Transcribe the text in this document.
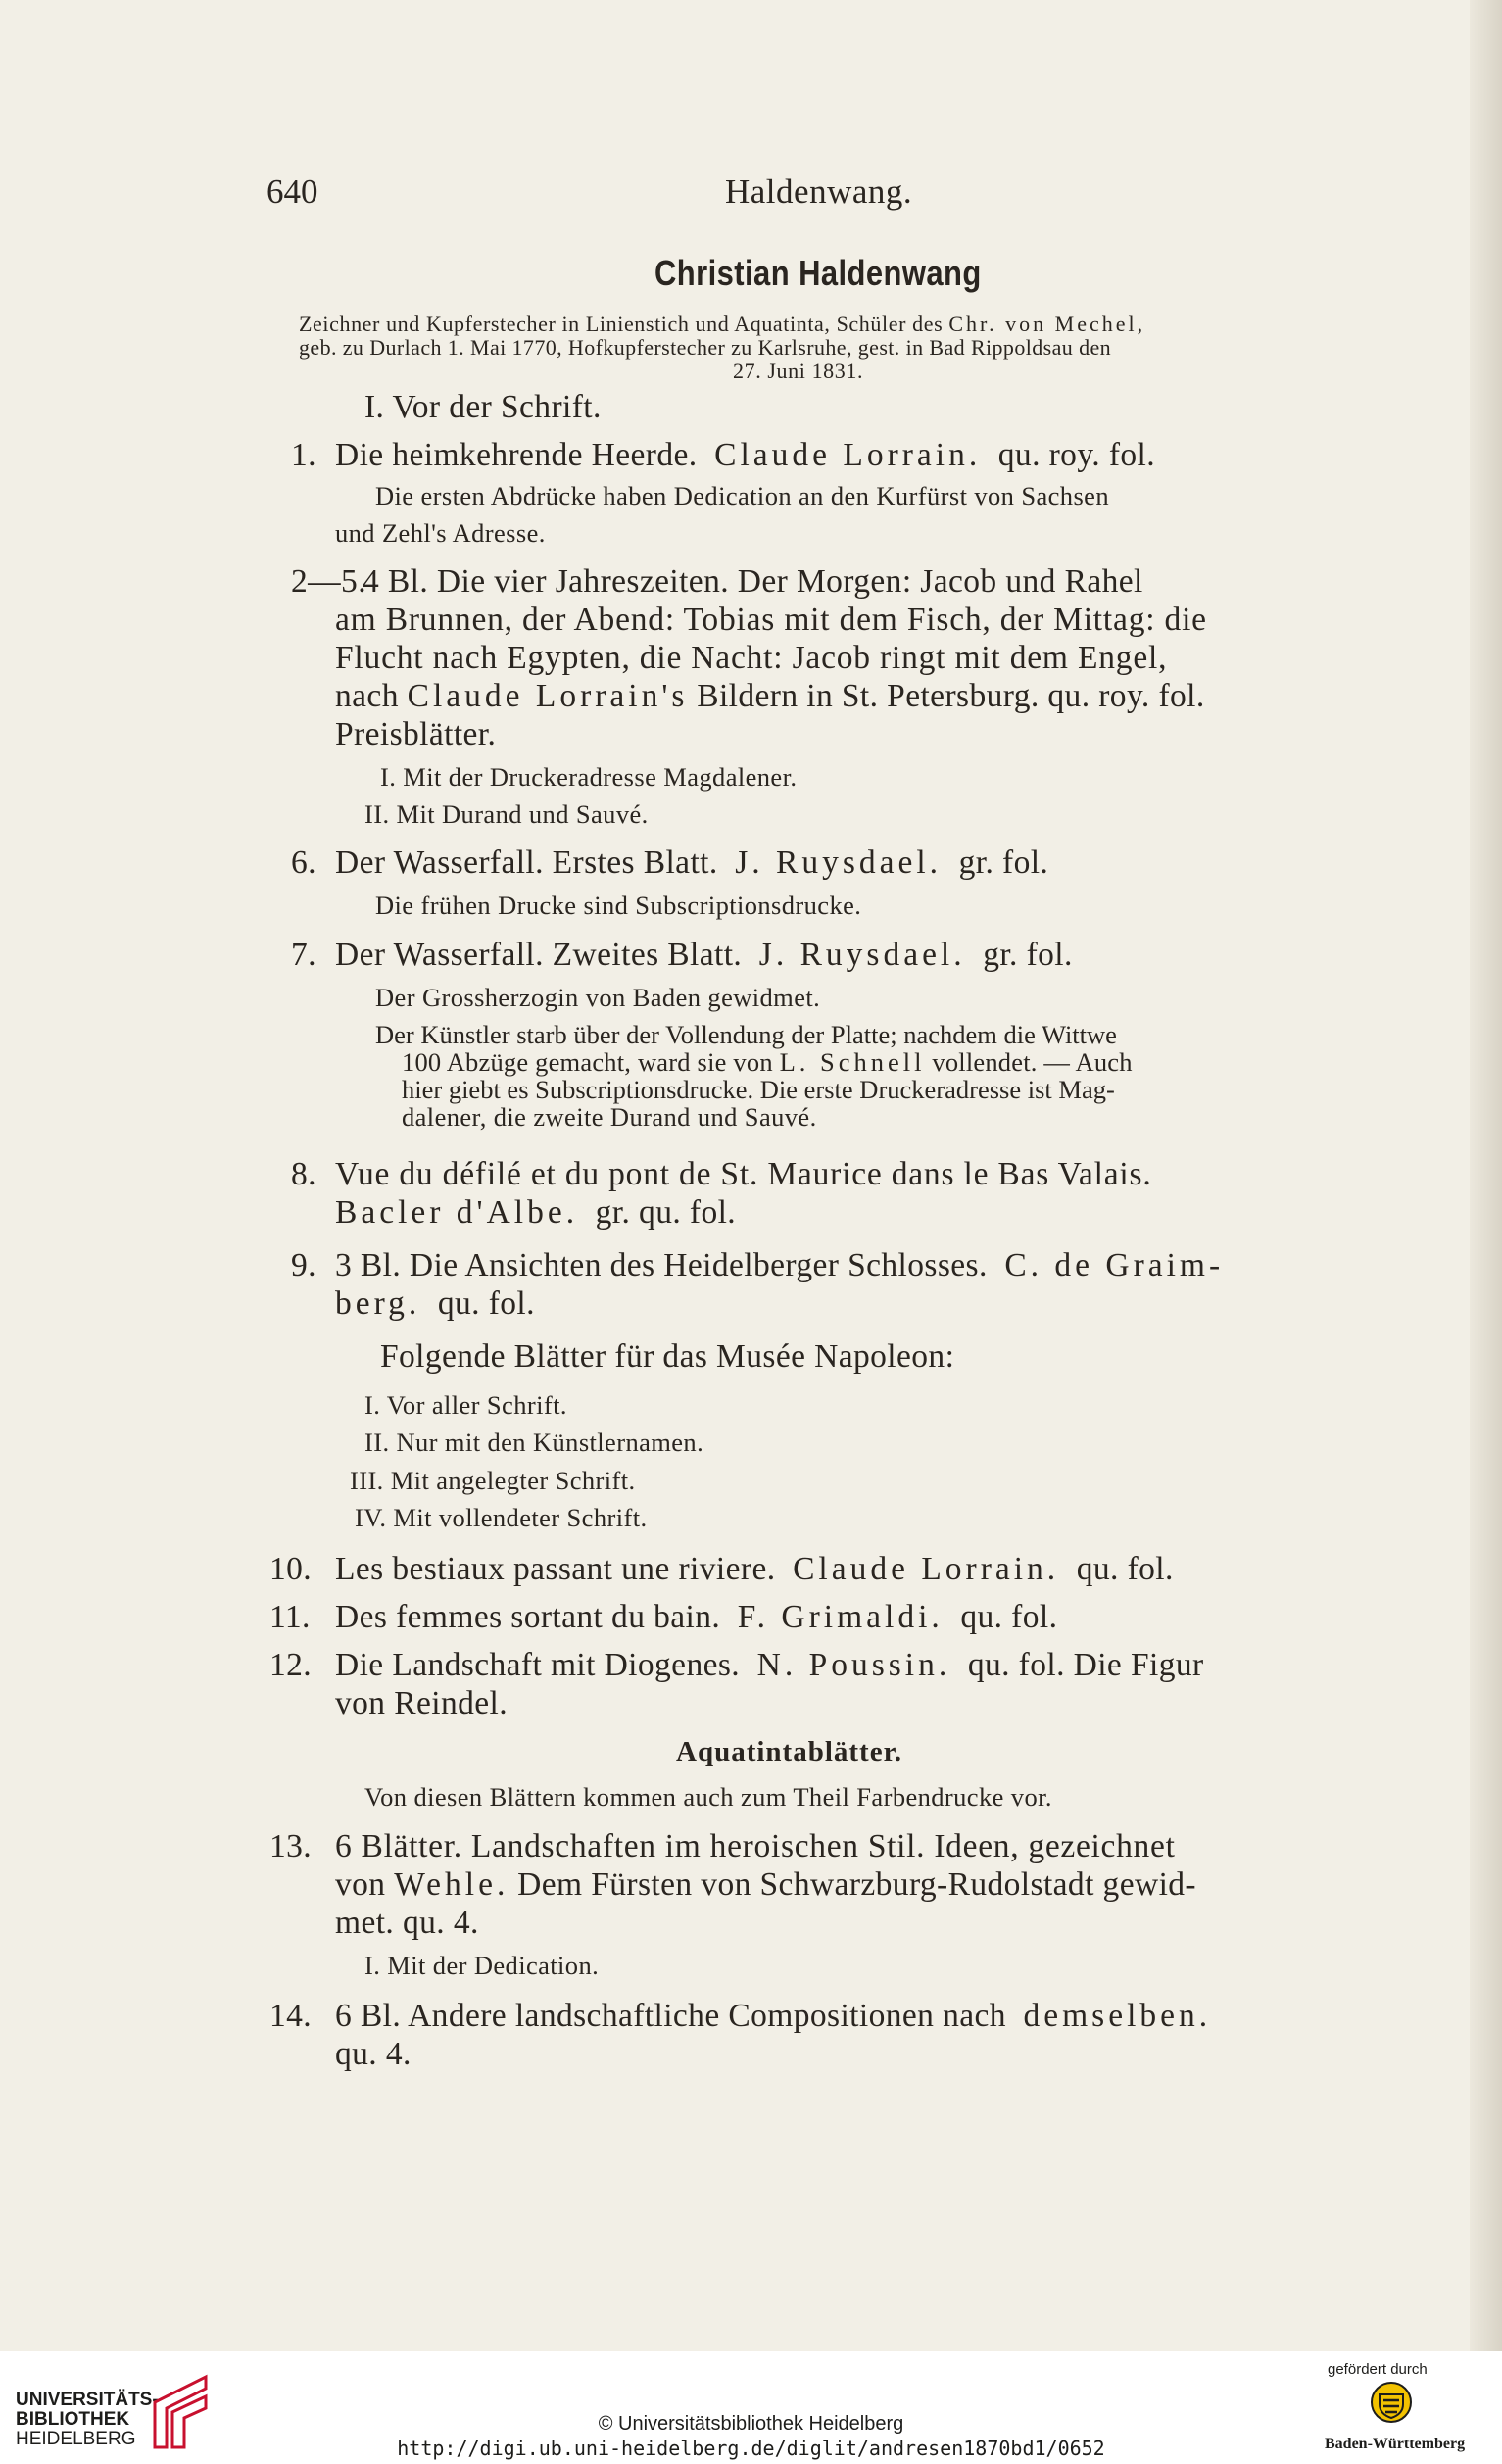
640	Haldenwang.
Christian Haldenwang
Zeichner und Kupferstecher in Linienstich und Aquatinta, Schüler des Chr. von Mechel,
geb. zu Durlach 1. Mai 1770, Hofkupferstecher zu Karlsruhe, gest. in Bad Rippoldsau den
27. Juni 1831.
I. Vor der Schrift.
1. Die heimkehrende Heerde. Claude Lorrain. qu. roy. fol.
Die ersten Abdrücke haben Dedication an den Kurfürst von Sachsen
und Zehl's Adresse.
2—5.
4 Bl. Die vier Jahreszeiten. Der Morgen: Jacob und Rahel
am Brunnen, der Abend: Tobias mit dem Fisch, der Mittag: die
Flucht nach Egypten, die Nacht: Jacob ringt mit dem Engel,
nach Claude Lorrain's Bildern in St. Petersburg. qu. roy. fol.
Preisblätter.
I. Mit der Druckeradresse Magdalener.
II. Mit Durand und Sauvé.
6. Der Wasserfall. Erstes Blatt. J. Ruysdael. gr. fol.
Die frühen Drucke sind Subscriptionsdrucke.
7. Der Wasserfall. Zweites Blatt. J. Ruysdael. gr. fol.
Der Grossherzogin von Baden gewidmet.
Der Künstler starb über der Vollendung der Platte; nachdem die Wittwe
100 Abzüge gemacht, ward sie von L. Schnell vollendet. — Auch
hier giebt es Subscriptionsdrucke. Die erste Druckeradresse ist Mag-
dalener, die zweite Durand und Sauvé.
8. Vue du défilé et du pont de St. Maurice dans le Bas Valais.
Bacler d'Albe. gr. qu. fol.
9. 3 Bl. Die Ansichten des Heidelberger Schlosses. C. de Graim-
berg. qu. fol.
Folgende Blätter für das Musée Napoleon:
I. Vor aller Schrift.
II. Nur mit den Künstlernamen.
III. Mit angelegter Schrift.
IV. Mit vollendeter Schrift.
10. Les bestiaux passant une riviere. Claude Lorrain. qu. fol.
11. Des femmes sortant du bain. F. Grimaldi. qu. fol.
12. Die Landschaft mit Diogenes. N. Poussin. qu. fol. Die Figur
von Reindel.
Aquatintablätter.
Von diesen Blättern kommen auch zum Theil Farbendrucke vor.
13. 6 Blätter. Landschaften im heroischen Stil. Ideen, gezeichnet
von Wehle. Dem Fürsten von Schwarzburg-Rudolstadt gewid-
met. qu. 4.
I. Mit der Dedication.
14. 6 Bl. Andere landschaftliche Compositionen nach demselben.
qu. 4.
UNIVERSITÄTS-
BIBLIOTHEK
HEIDELBERG
© Universitätsbibliothek Heidelberg
http://digi.ub.uni-heidelberg.de/diglit/andresen1870bd1/0652
gefördert durch
Baden-Württemberg
